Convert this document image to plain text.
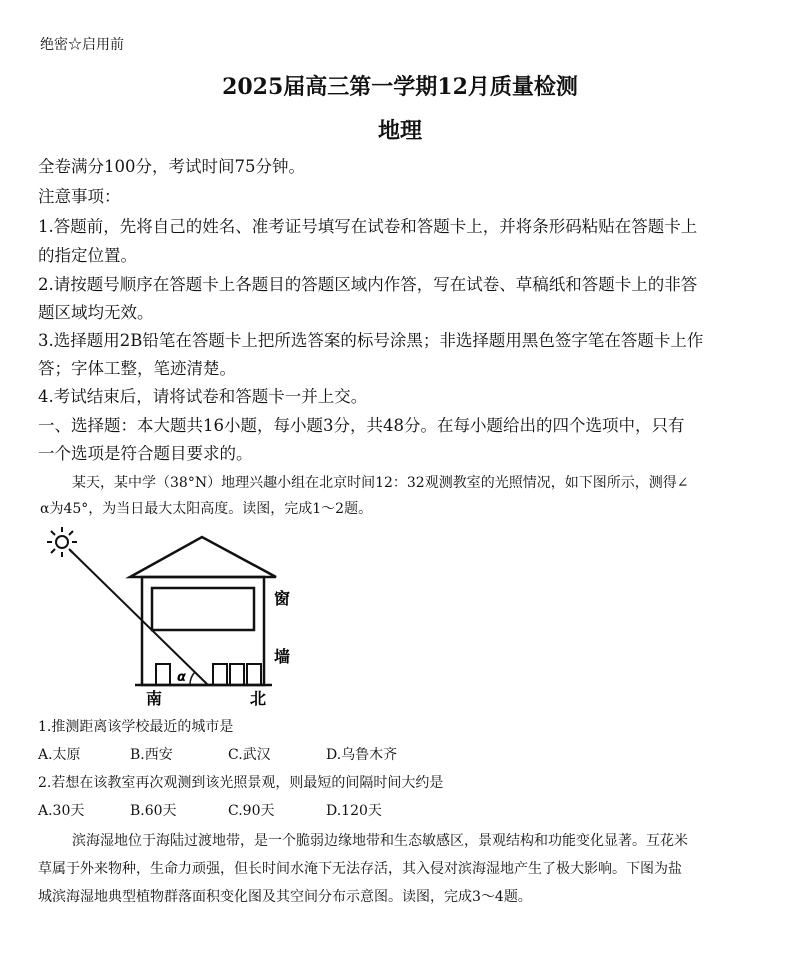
绝密☆启用前
2025届高三第一学期12月质量检测
地理
全卷满分100分，考试时间75分钟。
注意事项：
1.答题前，先将自己的姓名、准考证号填写在试卷和答题卡上，并将条形码粘贴在答题卡上
的指定位置。
2.请按题号顺序在答题卡上各题目的答题区域内作答，写在试卷、草稿纸和答题卡上的非答
题区域均无效。
3.选择题用2B铅笔在答题卡上把所选答案的标号涂黑；非选择题用黑色签字笔在答题卡上作
答；字体工整，笔迹清楚。
4.考试结束后，请将试卷和答题卡一并上交。
一、选择题：本大题共16小题，每小题3分，共48分。在每小题给出的四个选项中，只有
一个选项是符合题目要求的。
某天，某中学（38°N）地理兴趣小组在北京时间12：32观测教室的光照情况，如下图所示，测得∠
α为45°，为当日最大太阳高度。读图，完成1～2题。
α
窗
墙
南	北
1.推测距离该学校最近的城市是
A.太原	B.西安	C.武汉	D.乌鲁木齐
2.若想在该教室再次观测到该光照景观，则最短的间隔时间大约是
A.30天	B.60天	C.90天	D.120天
滨海湿地位于海陆过渡地带，是一个脆弱边缘地带和生态敏感区，景观结构和功能变化显著。互花米
草属于外来物种，生命力顽强，但长时间水淹下无法存活，其入侵对滨海湿地产生了极大影响。下图为盐
城滨海湿地典型植物群落面积变化图及其空间分布示意图。读图，完成3～4题。
